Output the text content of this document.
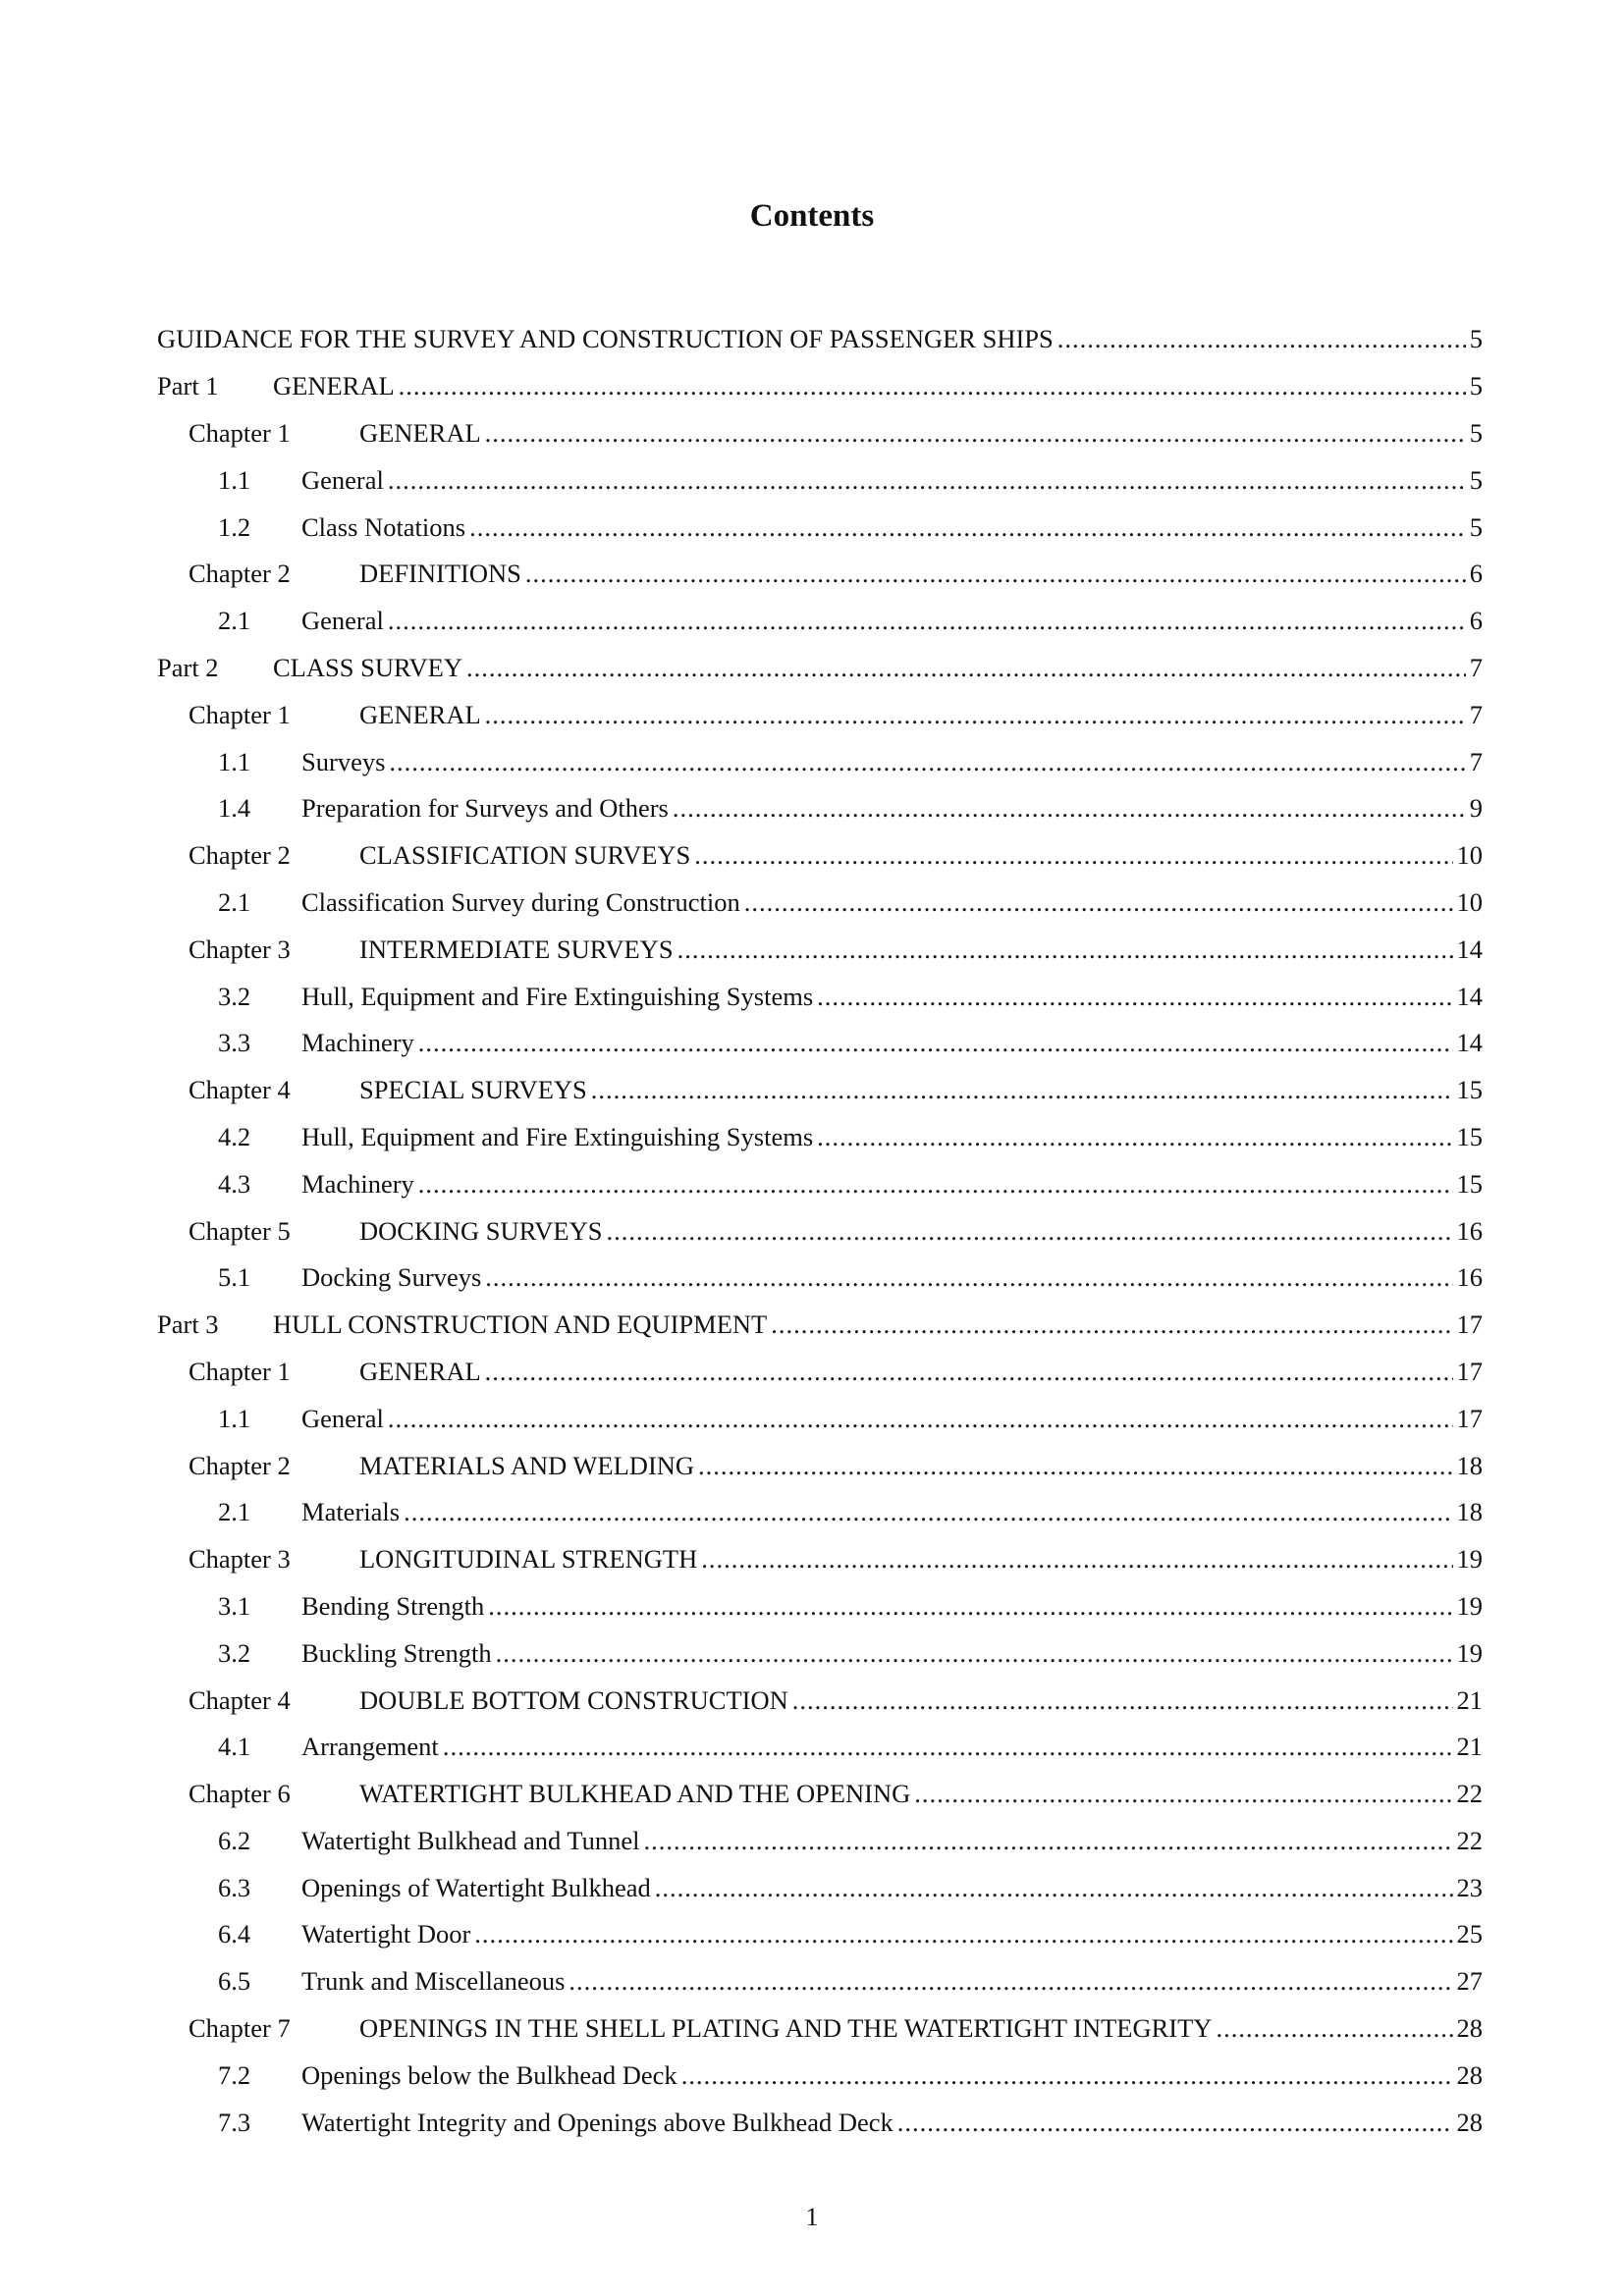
Contents
GUIDANCE FOR THE SURVEY AND CONSTRUCTION OF PASSENGER SHIPS .....	5
Part 1	GENERAL .....	5
Chapter 1	GENERAL .....	5
1.1	General .....	5
1.2	Class Notations .....	5
Chapter 2	DEFINITIONS .....	6
2.1	General .....	6
Part 2	CLASS SURVEY .....	7
Chapter 1	GENERAL .....	7
1.1	Surveys .....	7
1.4	Preparation for Surveys and Others .....	9
Chapter 2	CLASSIFICATION SURVEYS .....	10
2.1	Classification Survey during Construction .....	10
Chapter 3	INTERMEDIATE SURVEYS .....	14
3.2	Hull, Equipment and Fire Extinguishing Systems .....	14
3.3	Machinery .....	14
Chapter 4	SPECIAL SURVEYS .....	15
4.2	Hull, Equipment and Fire Extinguishing Systems .....	15
4.3	Machinery .....	15
Chapter 5	DOCKING SURVEYS .....	16
5.1	Docking Surveys .....	16
Part 3	HULL CONSTRUCTION AND EQUIPMENT .....	17
Chapter 1	GENERAL .....	17
1.1	General .....	17
Chapter 2	MATERIALS AND WELDING .....	18
2.1	Materials .....	18
Chapter 3	LONGITUDINAL STRENGTH .....	19
3.1	Bending Strength .....	19
3.2	Buckling Strength .....	19
Chapter 4	DOUBLE BOTTOM CONSTRUCTION .....	21
4.1	Arrangement .....	21
Chapter 6	WATERTIGHT BULKHEAD AND THE OPENING .....	22
6.2	Watertight Bulkhead and Tunnel .....	22
6.3	Openings of Watertight Bulkhead .....	23
6.4	Watertight Door .....	25
6.5	Trunk and Miscellaneous .....	27
Chapter 7	OPENINGS IN THE SHELL PLATING AND THE WATERTIGHT INTEGRITY .....	28
7.2	Openings below the Bulkhead Deck .....	28
7.3	Watertight Integrity and Openings above Bulkhead Deck .....	28
1
